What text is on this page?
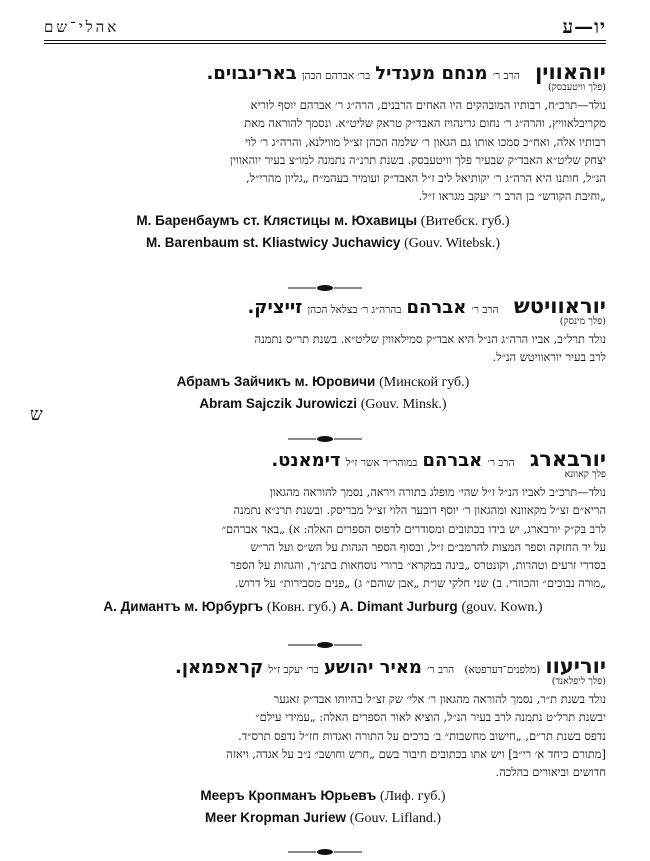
אהלי־שם	יו—ע
יוהאווין   הרב ר׳ מנחם מענדיל בר׳ אברהם הכהן בארינבוים.
(פלך וויטעבסק)
נולד—תרכ״ח, רבותיו המובהקים היו האחים הרבנים, הרה״ג ר׳ אברהם יוסף לוריא
מקריבלאוויץ, והרה״ג ר׳ נחום גרינהויז האבד״ק טראק שליט״א. ונסמך להוראה מאת
רבותיו אלה, ואח״כ סמכו אותו גם הגאון ר׳ שלמה הכהן זצ״ל מווילנא, והרה״ג ר׳ לוי
יצחק שליט״א האבד״ק שבעיר פלך וויטעבסק. בשנת תרנ״ה נתמנה למו״צ בעיר יוהאווין
הנ״ל, חותנו היא הרה״ג ר׳ יקותיאל ליב ז״ל האבד״ק ועומיר בעהמ״ח „גליון מהרי״ל,
„וחיבת הקודש״ בן הרב ר׳ יעקב מגראו ז״ל.
M. Баренбаумъ ст. Клястицы м. Юхавицы (Витебск. губ.)
M. Barenbaum st. Kliastwicy Juchawicy (Gouv. Witebsk.)
יוראוויטש   הרב ר׳ אברהם בהרה״ג ר׳ בצלאל הכהן זייציק.
(פלך מינסק)
נולד תרל״ב, אביו הרה״ג הנ״ל היא אבד״ק סמילאווין שליט״א. בשנת תר״ס נתמנה
לרב בעיר יוראוויטש הנ״ל.
Абрамъ Зайчикъ м. Юровичи (Минской губ.)
Abram Sajczik Jurowiczi (Gouv. Minsk.)
ש
יורבארג   הרב ר׳ אברהם במוהר״ר אשר ז״ל דימאנט.
פלך קאוונא
נולד—תרכ״ב לאביו הנ״ל ז״ל שהי׳ מופלג בתורה ויראה, נסמך להוראה מהגאון
הריא״ם זצ״ל מקאוונא ומהגאון ר׳ יוסף דובער הלוי זצ״ל מבריסק. ובשנת תרנ״א נתמנה
לרב בק״ק יורבארג, יש בידו בכתובים ומסודרים לדפוס הספרים האלה: א) „באר אברהם״
על יד החזקה וספר המצות להרמב״ם ז״ל, ובסוף הספר הגהות על הש״ס ועל הר״ש
בסדרי זרעים וטהרות, וקונטרס „בינה במקרא״ ברורי נוסחאות בתנ״ך, והגהות על הספר
„מורה נבוכים״ והכוזרי. ב) שני חלקי שו״ת „אבן שוהם״ ג) „פנים מסבירות״ על דרוש.
A. Димантъ м. Юрбургъ (Ковн. губ.) A. Dimant Jurburg (gouv. Kown.)
יוריעוו (מלפנים־דערפטא)  הרב ר׳ מאיר יהושע בר׳ יעקב ז״ל קראפמאן.
(פלך ליפלאנד)
נולד בשנת ת״ר, נסמך להוראה מהגאון ר׳ אלי׳ שק זצ״ל בהיותו אבד״ק זאגער
יבשנת תרל״ט נתמנה לרב בעיר הנ״ל, הוציא לאור הספרים האלה: „עמידי עילם״
נדפס בשנת תר״ם, „חישוב מחשבות״ ב׳ ברכים על התורה ואגדות חז״ל נדפס תרס״ד.
[מתורם כיחד א׳ רי״ב] ויש אתו בכתובים חיבור בשם „חרש וחושב״ נ״ב על אגדה, ויאזה
חדושים וביאורים בהלכה.
Меeръ Кропманъ Юрьевъ (Лиф. губ.)
Meer Kropman Juriew (Gouv. Lifland.)
